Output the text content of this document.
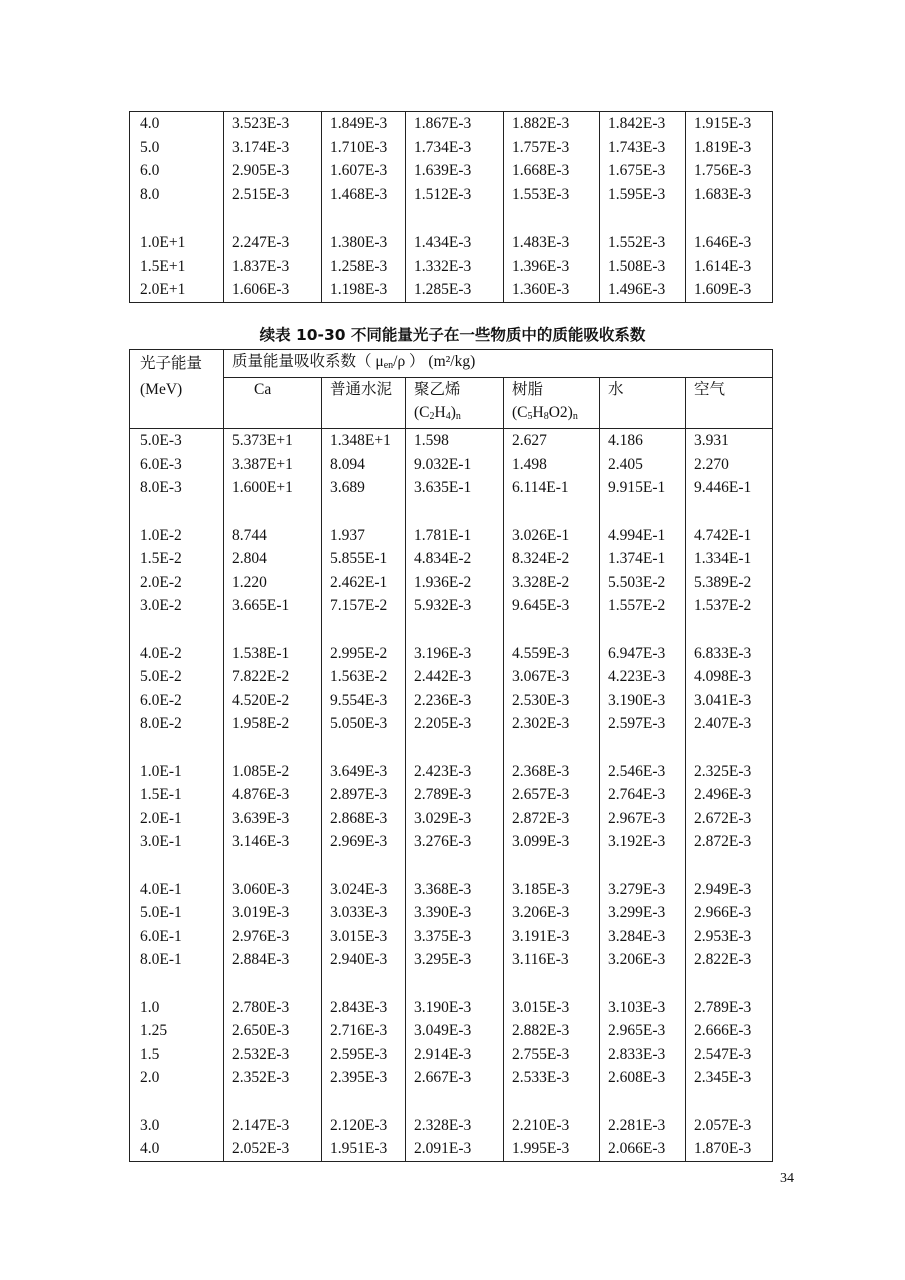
4.0	3.523E-3	1.849E-3	1.867E-3	1.882E-3	1.842E-3	1.915E-3
5.0	3.174E-3	1.710E-3	1.734E-3	1.757E-3	1.743E-3	1.819E-3
6.0	2.905E-3	1.607E-3	1.639E-3	1.668E-3	1.675E-3	1.756E-3
8.0	2.515E-3	1.468E-3	1.512E-3	1.553E-3	1.595E-3	1.683E-3

1.0E+1	2.247E-3	1.380E-3	1.434E-3	1.483E-3	1.552E-3	1.646E-3
1.5E+1	1.837E-3	1.258E-3	1.332E-3	1.396E-3	1.508E-3	1.614E-3
2.0E+1	1.606E-3	1.198E-3	1.285E-3	1.360E-3	1.496E-3	1.609E-3
续表 10-30 不同能量光子在一些物质中的质能吸收系数
光子能量	质量能量吸收系数（ $\mu_{en}/\rho$ ） (m²/kg)					
(MeV)	Ca	普通水泥	聚乙烯	树脂	水	空气
			$(C_2H_4)_n$	$(C_5H_8O2)_n$		
5.0E-3	5.373E+1	1.348E+1	1.598	2.627	4.186	3.931
6.0E-3	3.387E+1	8.094	9.032E-1	1.498	2.405	2.270
8.0E-3	1.600E+1	3.689	3.635E-1	6.114E-1	9.915E-1	9.446E-1

1.0E-2	8.744	1.937	1.781E-1	3.026E-1	4.994E-1	4.742E-1
1.5E-2	2.804	5.855E-1	4.834E-2	8.324E-2	1.374E-1	1.334E-1
2.0E-2	1.220	2.462E-1	1.936E-2	3.328E-2	5.503E-2	5.389E-2
3.0E-2	3.665E-1	7.157E-2	5.932E-3	9.645E-3	1.557E-2	1.537E-2

4.0E-2	1.538E-1	2.995E-2	3.196E-3	4.559E-3	6.947E-3	6.833E-3
5.0E-2	7.822E-2	1.563E-2	2.442E-3	3.067E-3	4.223E-3	4.098E-3
6.0E-2	4.520E-2	9.554E-3	2.236E-3	2.530E-3	3.190E-3	3.041E-3
8.0E-2	1.958E-2	5.050E-3	2.205E-3	2.302E-3	2.597E-3	2.407E-3

1.0E-1	1.085E-2	3.649E-3	2.423E-3	2.368E-3	2.546E-3	2.325E-3
1.5E-1	4.876E-3	2.897E-3	2.789E-3	2.657E-3	2.764E-3	2.496E-3
2.0E-1	3.639E-3	2.868E-3	3.029E-3	2.872E-3	2.967E-3	2.672E-3
3.0E-1	3.146E-3	2.969E-3	3.276E-3	3.099E-3	3.192E-3	2.872E-3

4.0E-1	3.060E-3	3.024E-3	3.368E-3	3.185E-3	3.279E-3	2.949E-3
5.0E-1	3.019E-3	3.033E-3	3.390E-3	3.206E-3	3.299E-3	2.966E-3
6.0E-1	2.976E-3	3.015E-3	3.375E-3	3.191E-3	3.284E-3	2.953E-3
8.0E-1	2.884E-3	2.940E-3	3.295E-3	3.116E-3	3.206E-3	2.822E-3

1.0	2.780E-3	2.843E-3	3.190E-3	3.015E-3	3.103E-3	2.789E-3
1.25	2.650E-3	2.716E-3	3.049E-3	2.882E-3	2.965E-3	2.666E-3
1.5	2.532E-3	2.595E-3	2.914E-3	2.755E-3	2.833E-3	2.547E-3
2.0	2.352E-3	2.395E-3	2.667E-3	2.533E-3	2.608E-3	2.345E-3

3.0	2.147E-3	2.120E-3	2.328E-3	2.210E-3	2.281E-3	2.057E-3
4.0	2.052E-3	1.951E-3	2.091E-3	1.995E-3	2.066E-3	1.870E-3
34
